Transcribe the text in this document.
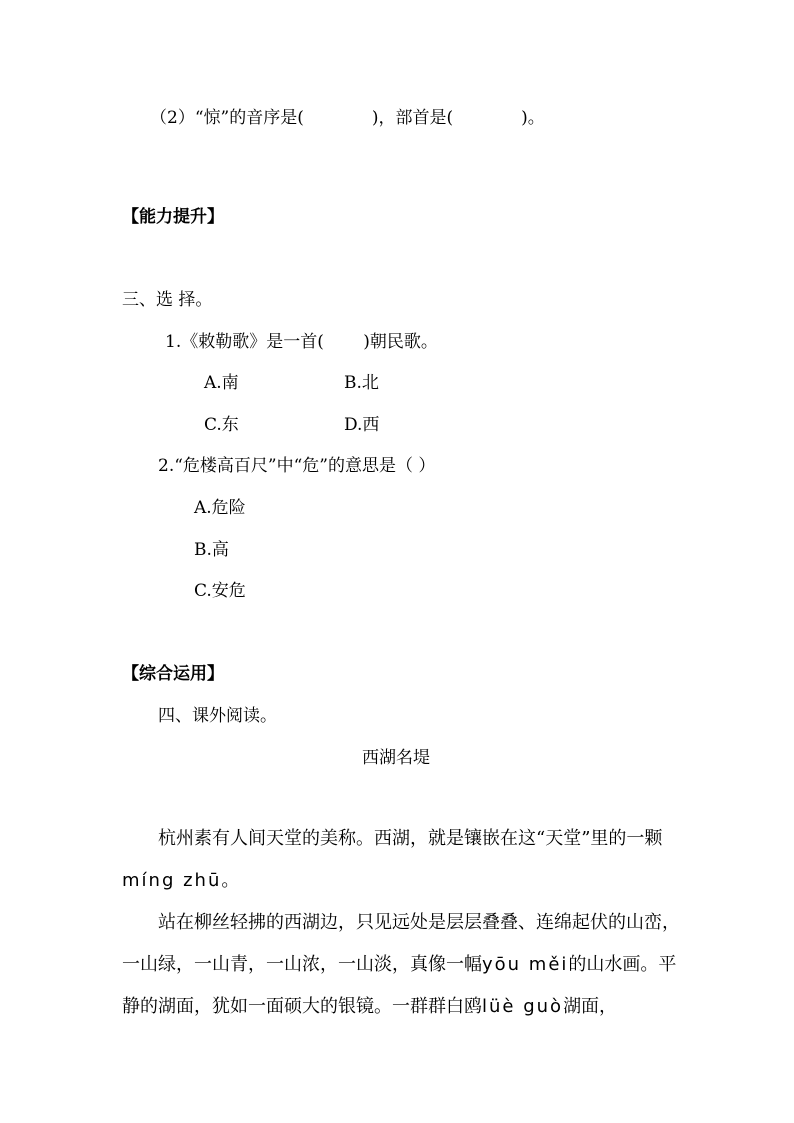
（2）“惊”的音序是(　　　　)，部首是(　　　　)。
【能力提升】
三、选 择。
1.《敕勒歌》是一首(　　 )朝民歌。
A.南	B.北
C.东	D.西
2.“危楼高百尺”中“危”的意思是（ ）
A.危险
B.高
C.安危
【综合运用】
四、课外阅读。
西湖名堤
杭州素有人间天堂的美称。西湖，就是镶嵌在这“天堂”里的一颗míng zhū。
站在柳丝轻拂的西湖边，只见远处是层层叠叠、连绵起伏的山峦，一山绿，一山青，一山浓，一山淡，真像一幅yōu měi的山水画。平静的湖面，犹如一面硕大的银镜。一群群白鸥lüè guò湖面，
